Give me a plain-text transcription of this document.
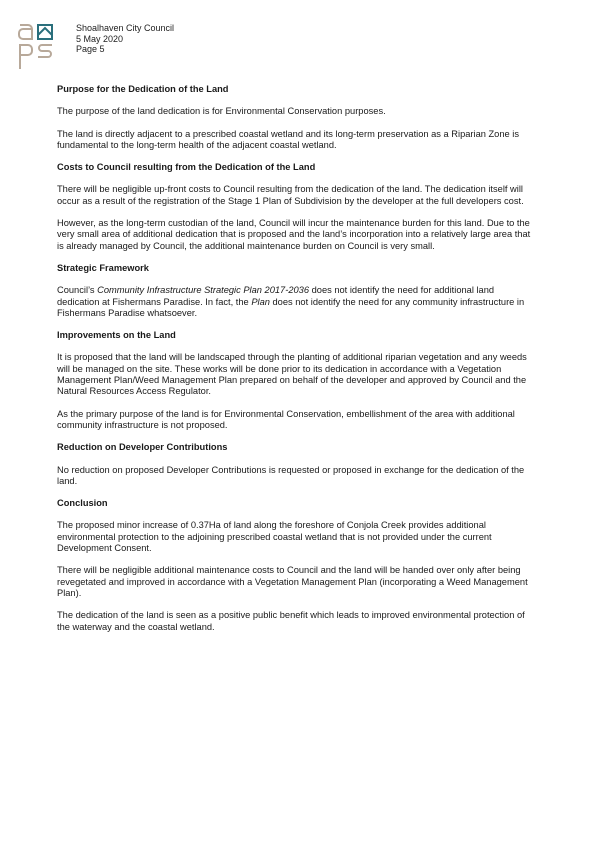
Shoalhaven City Council
5 May 2020
Page 5
Purpose for the Dedication of the Land

The purpose of the land dedication is for Environmental Conservation purposes.

The land is directly adjacent to a prescribed coastal wetland and its long-term preservation as a Riparian Zone is fundamental to the long-term health of the adjacent coastal wetland.

Costs to Council resulting from the Dedication of the Land

There will be negligible up-front costs to Council resulting from the dedication of the land. The dedication itself will occur as a result of the registration of the Stage 1 Plan of Subdivision by the developer at the full developers cost.

However, as the long-term custodian of the land, Council will incur the maintenance burden for this land. Due to the very small area of additional dedication that is proposed and the land’s incorporation into a relatively large area that is already managed by Council, the additional maintenance burden on Council is very small.

Strategic Framework

Council’s Community Infrastructure Strategic Plan 2017-2036 does not identify the need for additional land dedication at Fishermans Paradise. In fact, the Plan does not identify the need for any community infrastructure in Fishermans Paradise whatsoever.

Improvements on the Land

It is proposed that the land will be landscaped through the planting of additional riparian vegetation and any weeds will be managed on the site. These works will be done prior to its dedication in accordance with a Vegetation Management Plan/Weed Management Plan prepared on behalf of the developer and approved by Council and the Natural Resources Access Regulator.

As the primary purpose of the land is for Environmental Conservation, embellishment of the area with additional community infrastructure is not proposed.

Reduction on Developer Contributions

No reduction on proposed Developer Contributions is requested or proposed in exchange for the dedication of the land.

Conclusion

The proposed minor increase of 0.37Ha of land along the foreshore of Conjola Creek provides additional environmental protection to the adjoining prescribed coastal wetland that is not provided under the current Development Consent.

There will be negligible additional maintenance costs to Council and the land will be handed over only after being revegetated and improved in accordance with a Vegetation Management Plan (incorporating a Weed Management Plan).

The dedication of the land is seen as a positive public benefit which leads to improved environmental protection of the waterway and the coastal wetland.
